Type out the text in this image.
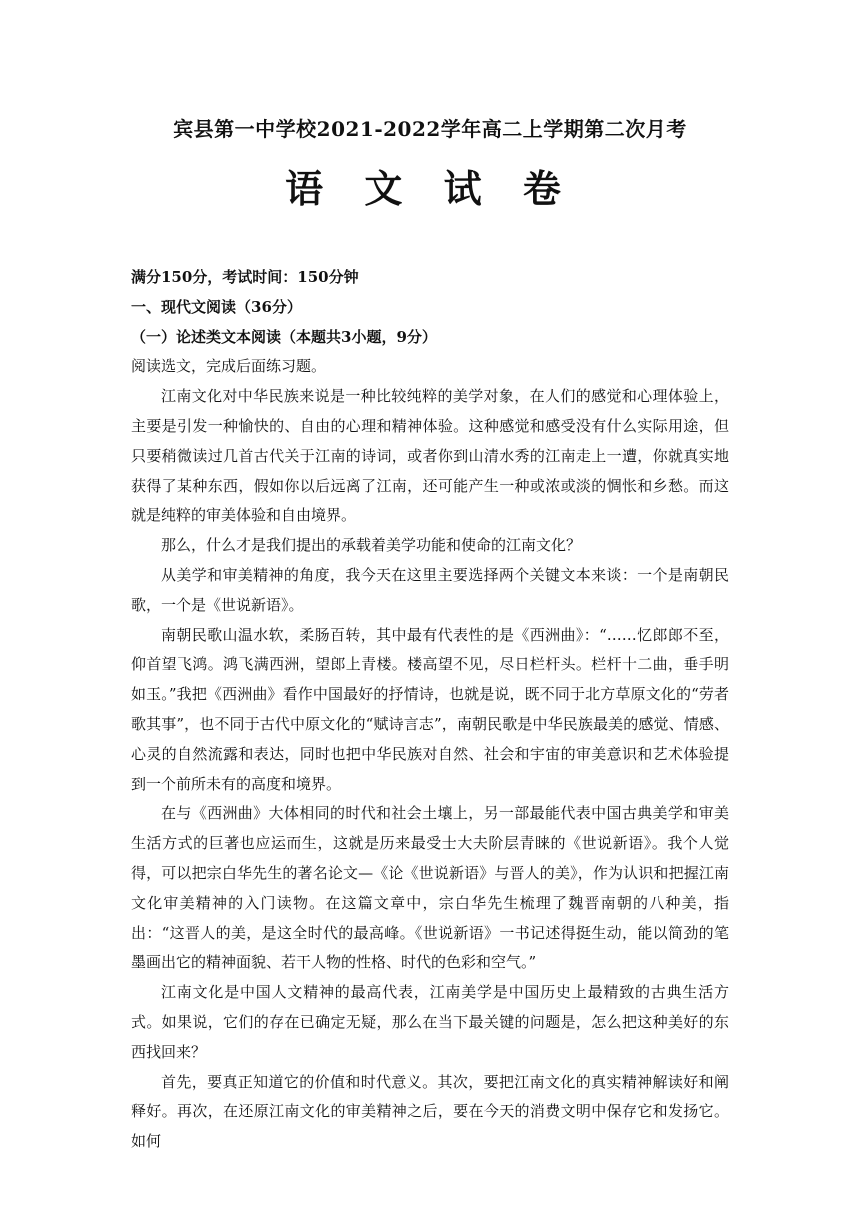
宾县第一中学校2021-2022学年高二上学期第二次月考
语 文 试 卷

满分150分，考试时间：150分钟

一、现代文阅读（36分）

（一）论述类文本阅读（本题共3小题，9分）

阅读选文，完成后面练习题。

江南文化对中华民族来说是一种比较纯粹的美学对象，在人们的感觉和心理体验上，主要是引发一种愉快的、自由的心理和精神体验。这种感觉和感受没有什么实际用途，但只要稍微读过几首古代关于江南的诗词，或者你到山清水秀的江南走上一遭，你就真实地获得了某种东西，假如你以后远离了江南，还可能产生一种或浓或淡的惆怅和乡愁。而这就是纯粹的审美体验和自由境界。

那么，什么才是我们提出的承载着美学功能和使命的江南文化？

从美学和审美精神的角度，我今天在这里主要选择两个关键文本来谈：一个是南朝民歌，一个是《世说新语》。

南朝民歌山温水软，柔肠百转，其中最有代表性的是《西洲曲》：“……忆郎郎不至，仰首望飞鸿。鸿飞满西洲，望郎上青楼。楼高望不见，尽日栏杆头。栏杆十二曲，垂手明如玉。”我把《西洲曲》看作中国最好的抒情诗，也就是说，既不同于北方草原文化的“劳者歌其事”，也不同于古代中原文化的“赋诗言志”，南朝民歌是中华民族最美的感觉、情感、心灵的自然流露和表达，同时也把中华民族对自然、社会和宇宙的审美意识和艺术体验提到一个前所未有的高度和境界。

在与《西洲曲》大体相同的时代和社会土壤上，另一部最能代表中国古典美学和审美生活方式的巨著也应运而生，这就是历来最受士大夫阶层青睐的《世说新语》。我个人觉得，可以把宗白华先生的著名论文—《论《世说新语》与晋人的美》，作为认识和把握江南文化审美精神的入门读物。在这篇文章中，宗白华先生梳理了魏晋南朝的八种美，指出：“这晋人的美，是这全时代的最高峰。《世说新语》一书记述得挺生动，能以简劲的笔墨画出它的精神面貌、若干人物的性格、时代的色彩和空气。”

江南文化是中国人文精神的最高代表，江南美学是中国历史上最精致的古典生活方式。如果说，它们的存在已确定无疑，那么在当下最关键的问题是，怎么把这种美好的东西找回来？

首先，要真正知道它的价值和时代意义。其次，要把江南文化的真实精神解读好和阐释好。再次，在还原江南文化的审美精神之后，要在今天的消费文明中保存它和发扬它。如何
